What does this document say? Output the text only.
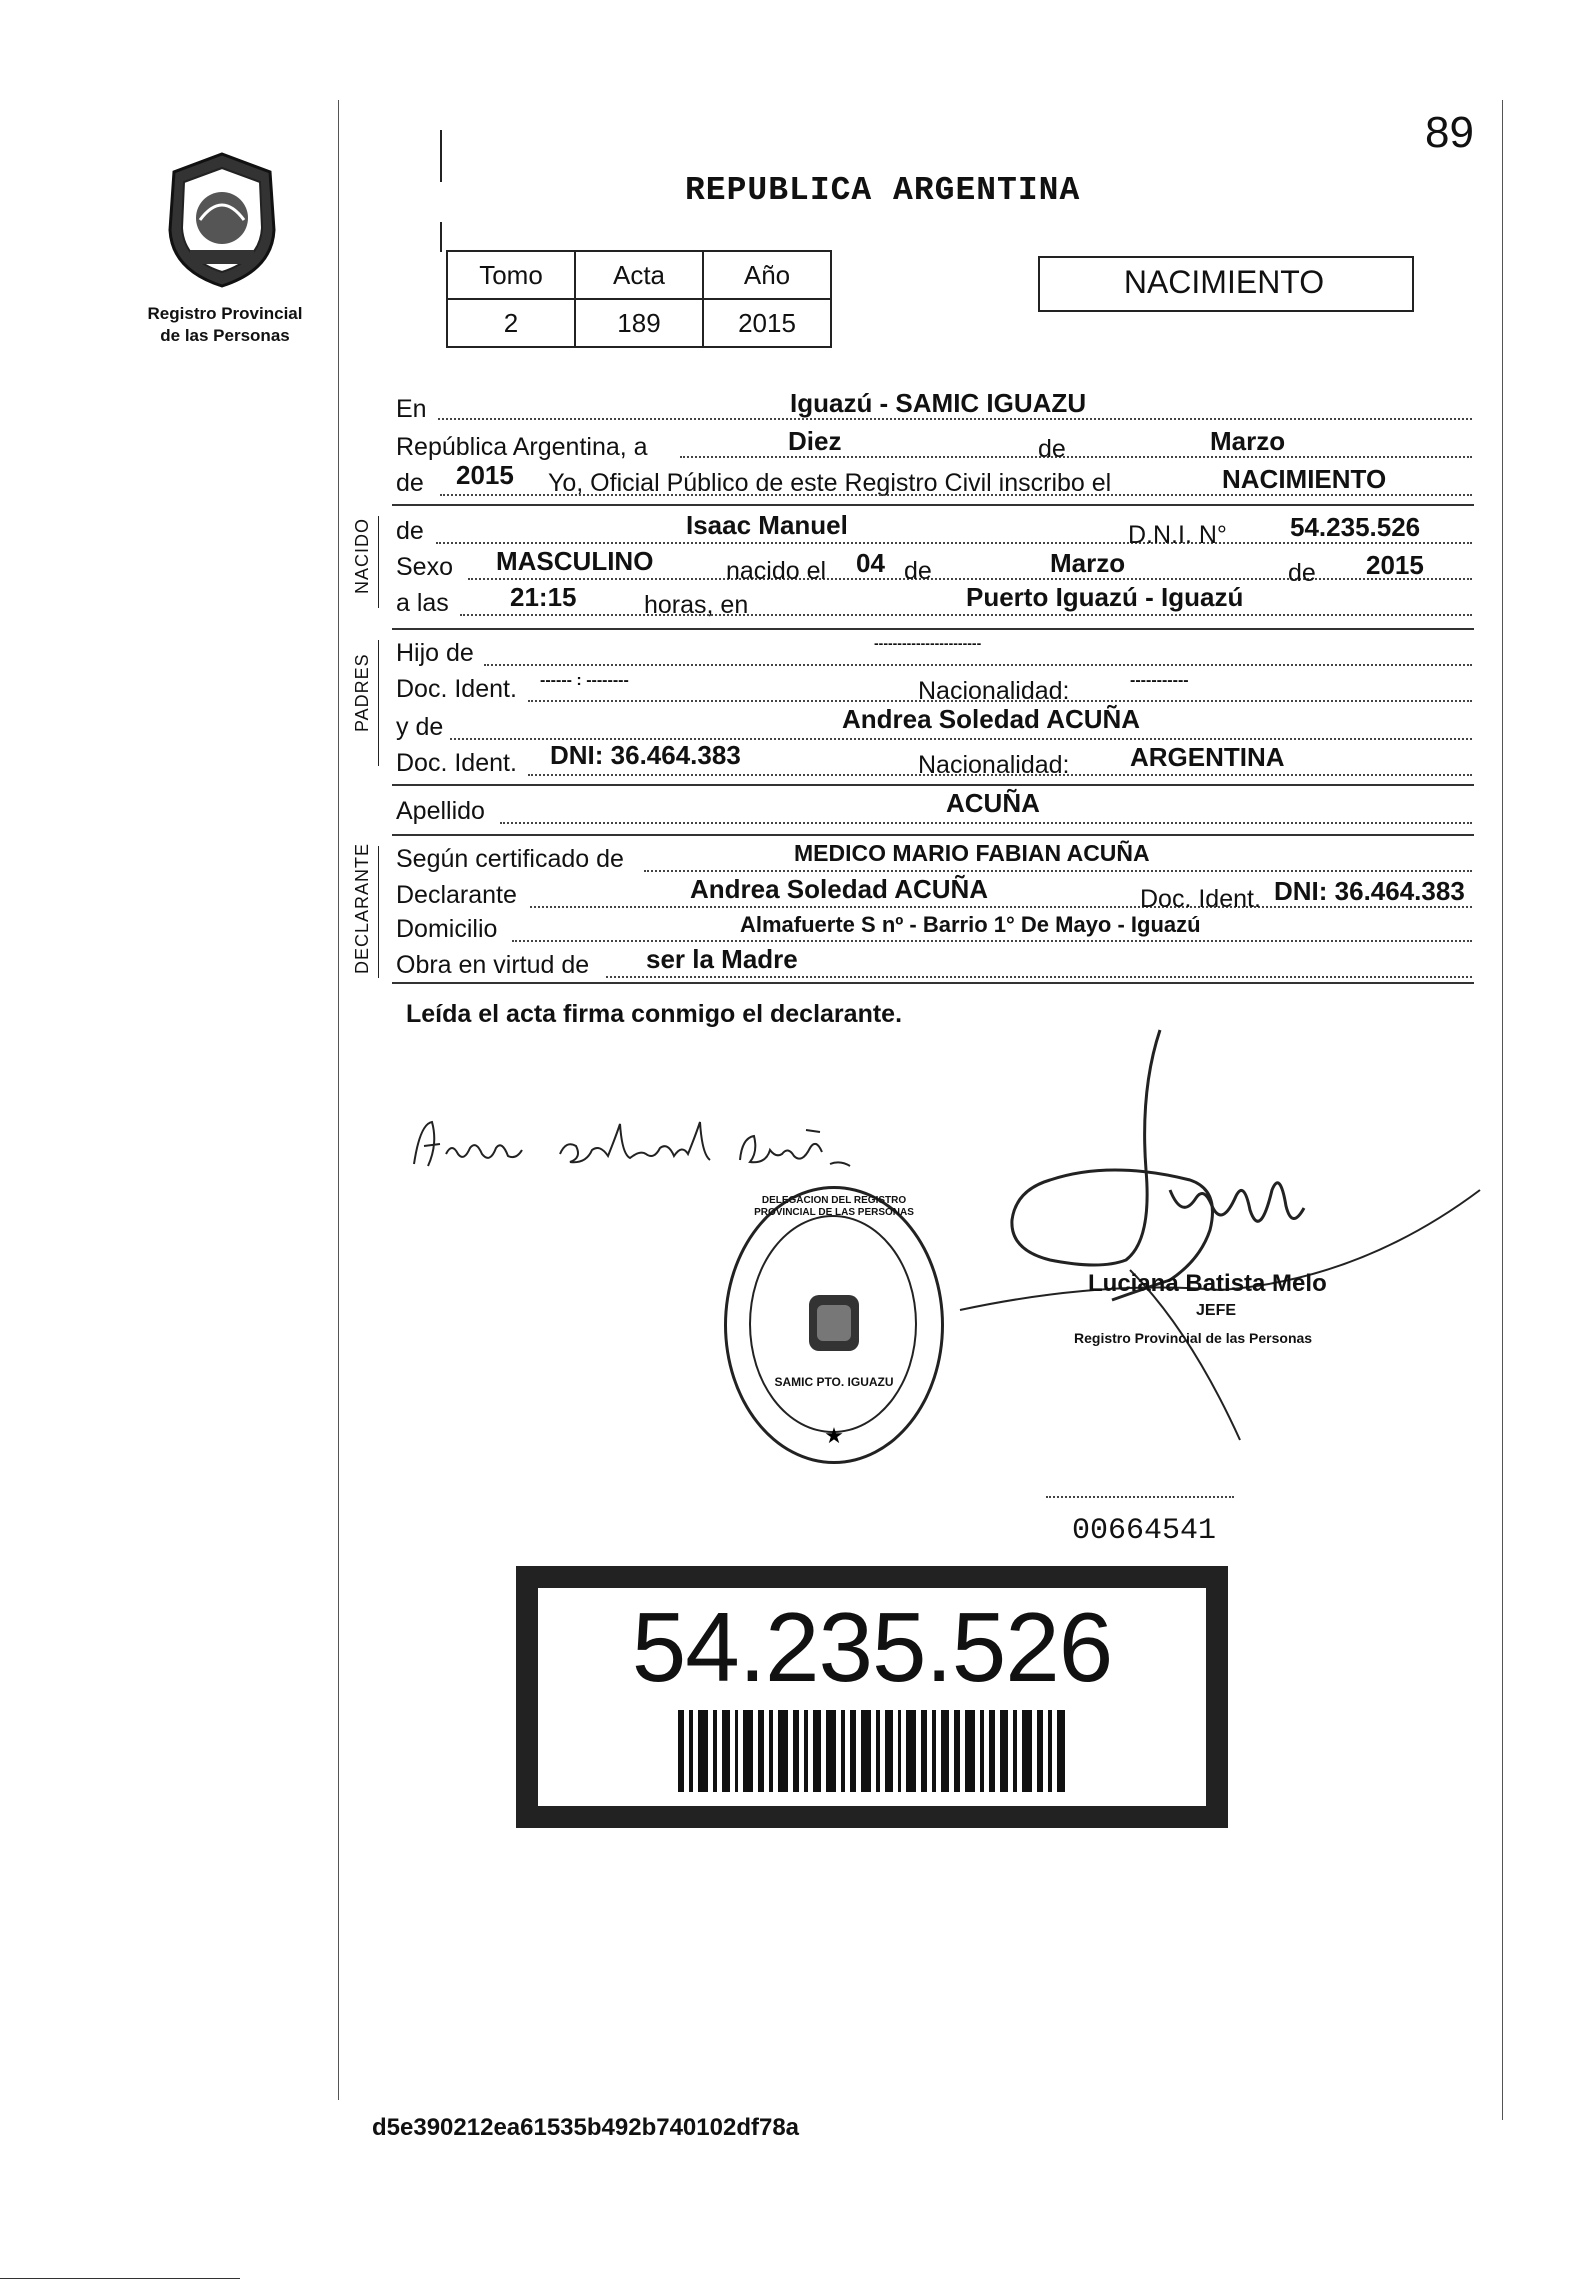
89
Registro Provincial
de las Personas
REPUBLICA ARGENTINA
Tomo	Acta	Año
2	189	2015
NACIMIENTO
En	Iguazú - SAMIC IGUAZU
República Argentina, a	Diez	de	Marzo
de 2015 Yo, Oficial Público de este Registro Civil inscribo el	NACIMIENTO
NACIDO de	Isaac Manuel	D.N.I. N° 54.235.526
Sexo MASCULINO	nacido el 04 de	Marzo	de 2015
a las 21:15	horas, en	Puerto Iguazú - Iguazú
PADRES
Hijo de	-----------------------
Doc. Ident. ------ : --------	Nacionalidad:	-----------
y de	Andrea Soledad ACUÑA
Doc. Ident. DNI: 36.464.383	Nacionalidad: ARGENTINA
Apellido	ACUÑA
DECLARANTE Según certificado de	MEDICO MARIO FABIAN ACUÑA
Declarante	Andrea Soledad ACUÑA	Doc. Ident. DNI: 36.464.383
Domicilio	Almafuerte S nº - Barrio 1° De Mayo - Iguazú
Obra en virtud de ser la Madre
Leída el acta firma conmigo el declarante.
★
DELEGACION DEL REGISTRO PROVINCIAL DE LAS PERSONAS
SAMIC PTO. IGUAZU
Luciana Batista Melo
JEFE
Registro Provincial de las Personas
00664541
54.235.526
d5e390212ea61535b492b740102df78a
